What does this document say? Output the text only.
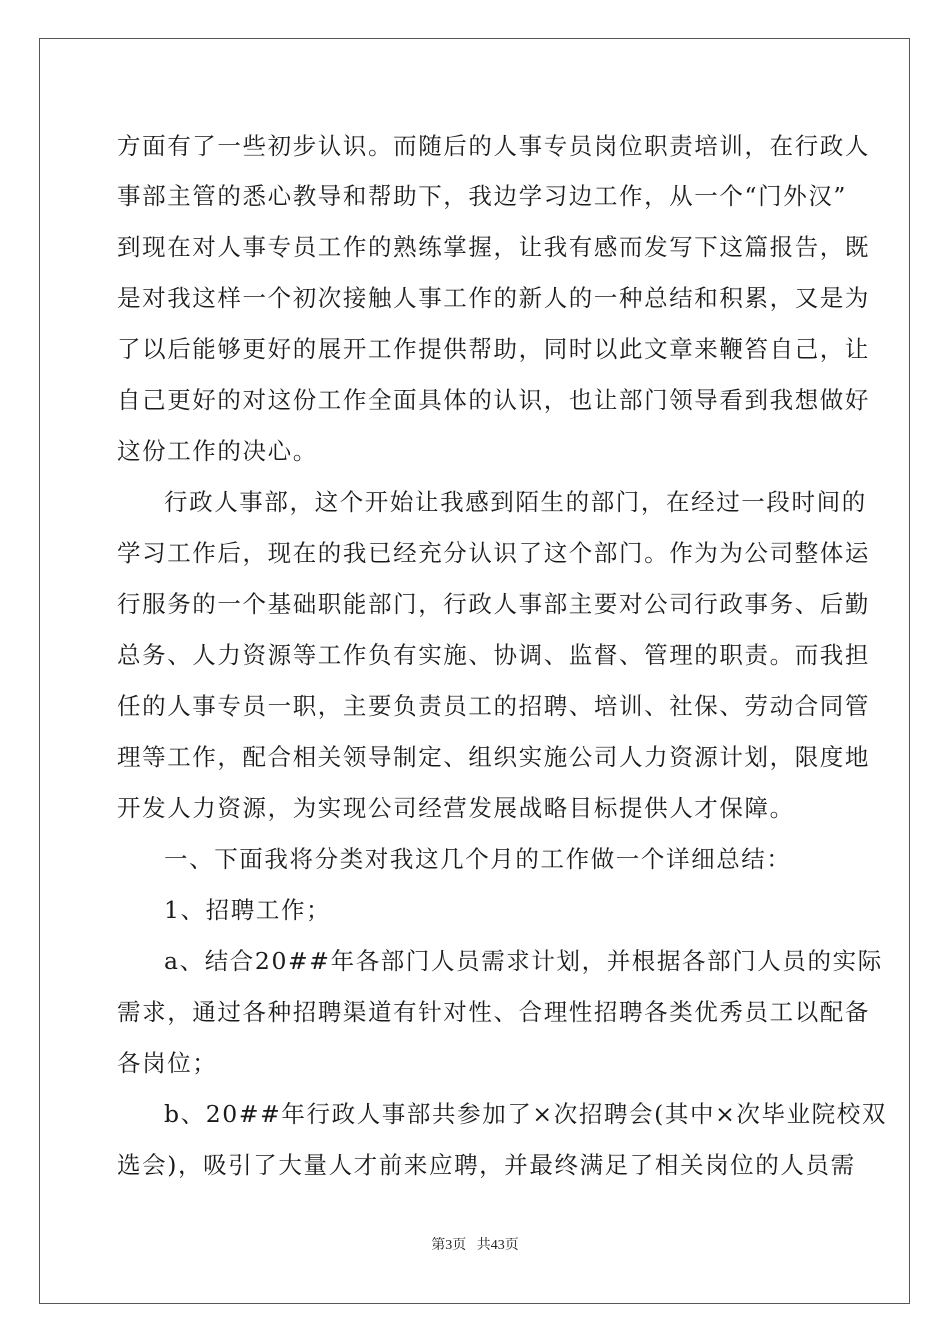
方面有了一些初步认识。而随后的人事专员岗位职责培训，在行政人
事部主管的悉心教导和帮助下，我边学习边工作，从一个“门外汉”
到现在对人事专员工作的熟练掌握，让我有感而发写下这篇报告，既
是对我这样一个初次接触人事工作的新人的一种总结和积累，又是为
了以后能够更好的展开工作提供帮助，同时以此文章来鞭笞自己，让
自己更好的对这份工作全面具体的认识，也让部门领导看到我想做好
这份工作的决心。
行政人事部，这个开始让我感到陌生的部门，在经过一段时间的
学习工作后，现在的我已经充分认识了这个部门。作为为公司整体运
行服务的一个基础职能部门，行政人事部主要对公司行政事务、后勤
总务、人力资源等工作负有实施、协调、监督、管理的职责。而我担
任的人事专员一职，主要负责员工的招聘、培训、社保、劳动合同管
理等工作，配合相关领导制定、组织实施公司人力资源计划，限度地
开发人力资源，为实现公司经营发展战略目标提供人才保障。
一、下面我将分类对我这几个月的工作做一个详细总结：
1、招聘工作；
a、结合20##年各部门人员需求计划，并根据各部门人员的实际
需求，通过各种招聘渠道有针对性、合理性招聘各类优秀员工以配备
各岗位；
b、20##年行政人事部共参加了×次招聘会(其中×次毕业院校双
选会)，吸引了大量人才前来应聘，并最终满足了相关岗位的人员需
第3页 共43页
